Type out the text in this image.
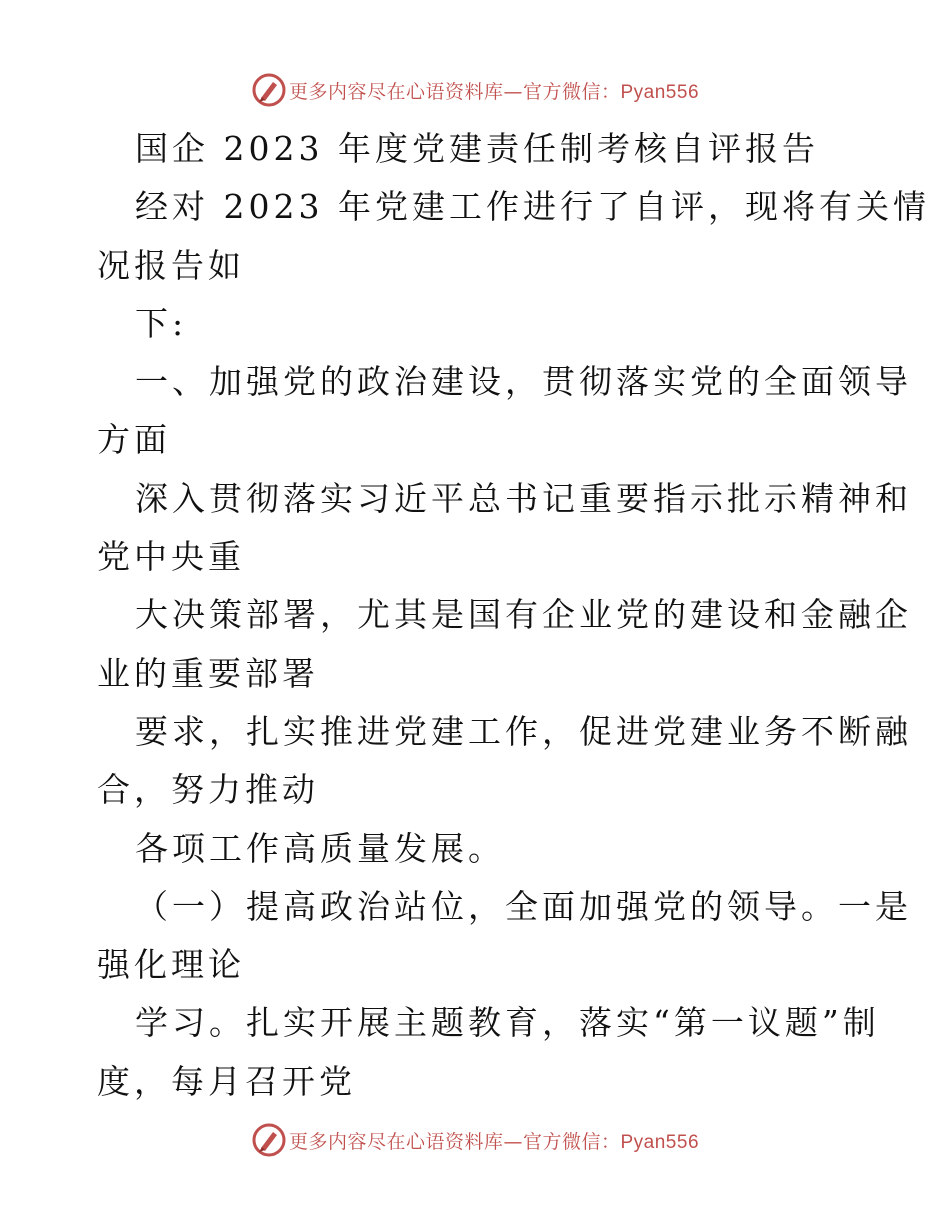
更多内容尽在心语资料库—官方微信：Pyan556
国企 2023 年度党建责任制考核自评报告
经对 2023 年党建工作进行了自评，现将有关情
况报告如
下:
一、加强党的政治建设，贯彻落实党的全面领导
方面
深入贯彻落实习近平总书记重要指示批示精神和
党中央重
大决策部署，尤其是国有企业党的建设和金融企
业的重要部署
要求，扎实推进党建工作，促进党建业务不断融
合，努力推动
各项工作高质量发展。
（一）提高政治站位，全面加强党的领导。一是
强化理论
学习。扎实开展主题教育，落实“第一议题”制
度，每月召开党
更多内容尽在心语资料库—官方微信：Pyan556
